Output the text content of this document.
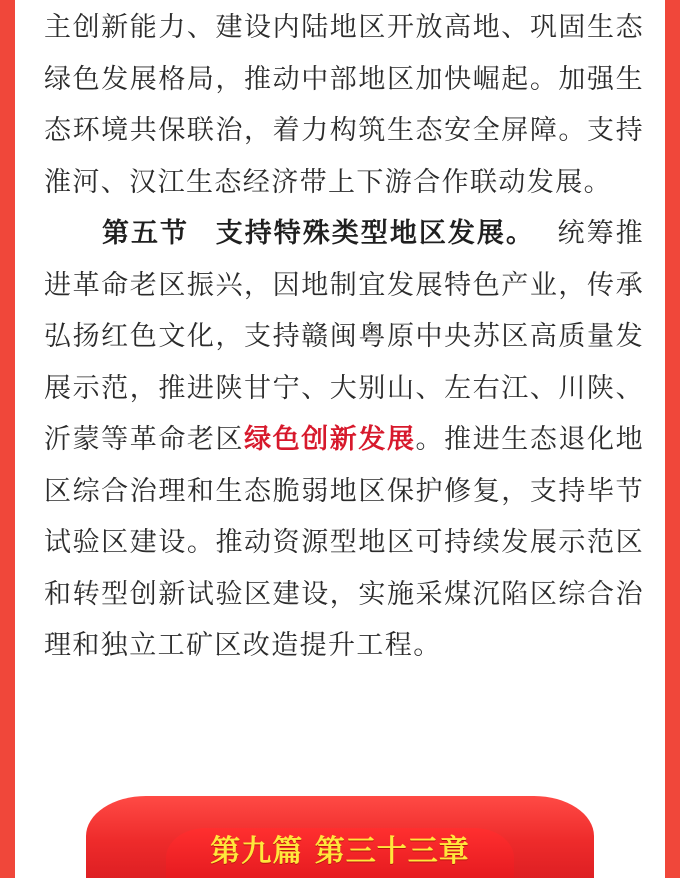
主创新能力、建设内陆地区开放高地、巩固生态绿色发展格局，推动中部地区加快崛起。加强生态环境共保联治，着力构筑生态安全屏障。支持淮河、汉江生态经济带上下游合作联动发展。

第五节 支持特殊类型地区发展。 统筹推进革命老区振兴，因地制宜发展特色产业，传承弘扬红色文化，支持赣闽粤原中央苏区高质量发展示范，推进陕甘宁、大别山、左右江、川陕、沂蒙等革命老区绿色创新发展。推进生态退化地区综合治理和生态脆弱地区保护修复，支持毕节试验区建设。推动资源型地区可持续发展示范区和转型创新试验区建设，实施采煤沉陷区综合治理和独立工矿区改造提升工程。

第九篇 第三十三章
